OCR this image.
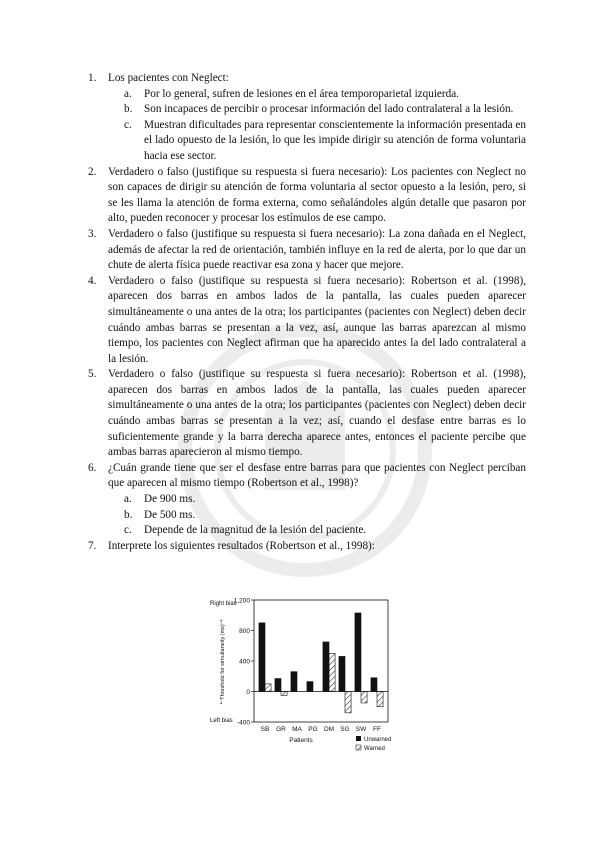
1. Los pacientes con Neglect:
a. Por lo general, sufren de lesiones en el área temporoparietal izquierda.
b. Son incapaces de percibir o procesar información del lado contralateral a la lesión.
c. Muestran dificultades para representar conscientemente la información presentada en el lado opuesto de la lesión, lo que les impide dirigir su atención de forma voluntaria hacia ese sector.
2. Verdadero o falso (justifique su respuesta si fuera necesario): Los pacientes con Neglect no son capaces de dirigir su atención de forma voluntaria al sector opuesto a la lesión, pero, si se les llama la atención de forma externa, como señalándoles algún detalle que pasaron por alto, pueden reconocer y procesar los estímulos de ese campo.
3. Verdadero o falso (justifique su respuesta si fuera necesario): La zona dañada en el Neglect, además de afectar la red de orientación, también influye en la red de alerta, por lo que dar un chute de alerta física puede reactivar esa zona y hacer que mejore.
4. Verdadero o falso (justifique su respuesta si fuera necesario): Robertson et al. (1998), aparecen dos barras en ambos lados de la pantalla, las cuales pueden aparecer simultáneamente o una antes de la otra; los participantes (pacientes con Neglect) deben decir cuándo ambas barras se presentan a la vez, así, aunque las barras aparezcan al mismo tiempo, los pacientes con Neglect afirman que ha aparecido antes la del lado contralateral a la lesión.
5. Verdadero o falso (justifique su respuesta si fuera necesario): Robertson et al. (1998), aparecen dos barras en ambos lados de la pantalla, las cuales pueden aparecer simultáneamente o una antes de la otra; los participantes (pacientes con Neglect) deben decir cuándo ambas barras se presentan a la vez; así, cuando el desfase entre barras es lo suficientemente grande y la barra derecha aparece antes, entonces el paciente percibe que ambas barras aparecieron al mismo tiempo.
6. ¿Cuán grande tiene que ser el desfase entre barras para que pacientes con Neglect perciban que aparecen al mismo tiempo (Robertson et al., 1998)?
a. De 900 ms.
b. De 500 ms.
c. Depende de la magnitud de la lesión del paciente.
7. Interprete los siguientes resultados (Robertson et al., 1998):
1,200
800
400
0
-400
Right bias
Left bias
↑
↓
Threshold for simultaneity (ms)
SB GR MA PG DM SG SW FF
Patients	Unwarned
Warned
